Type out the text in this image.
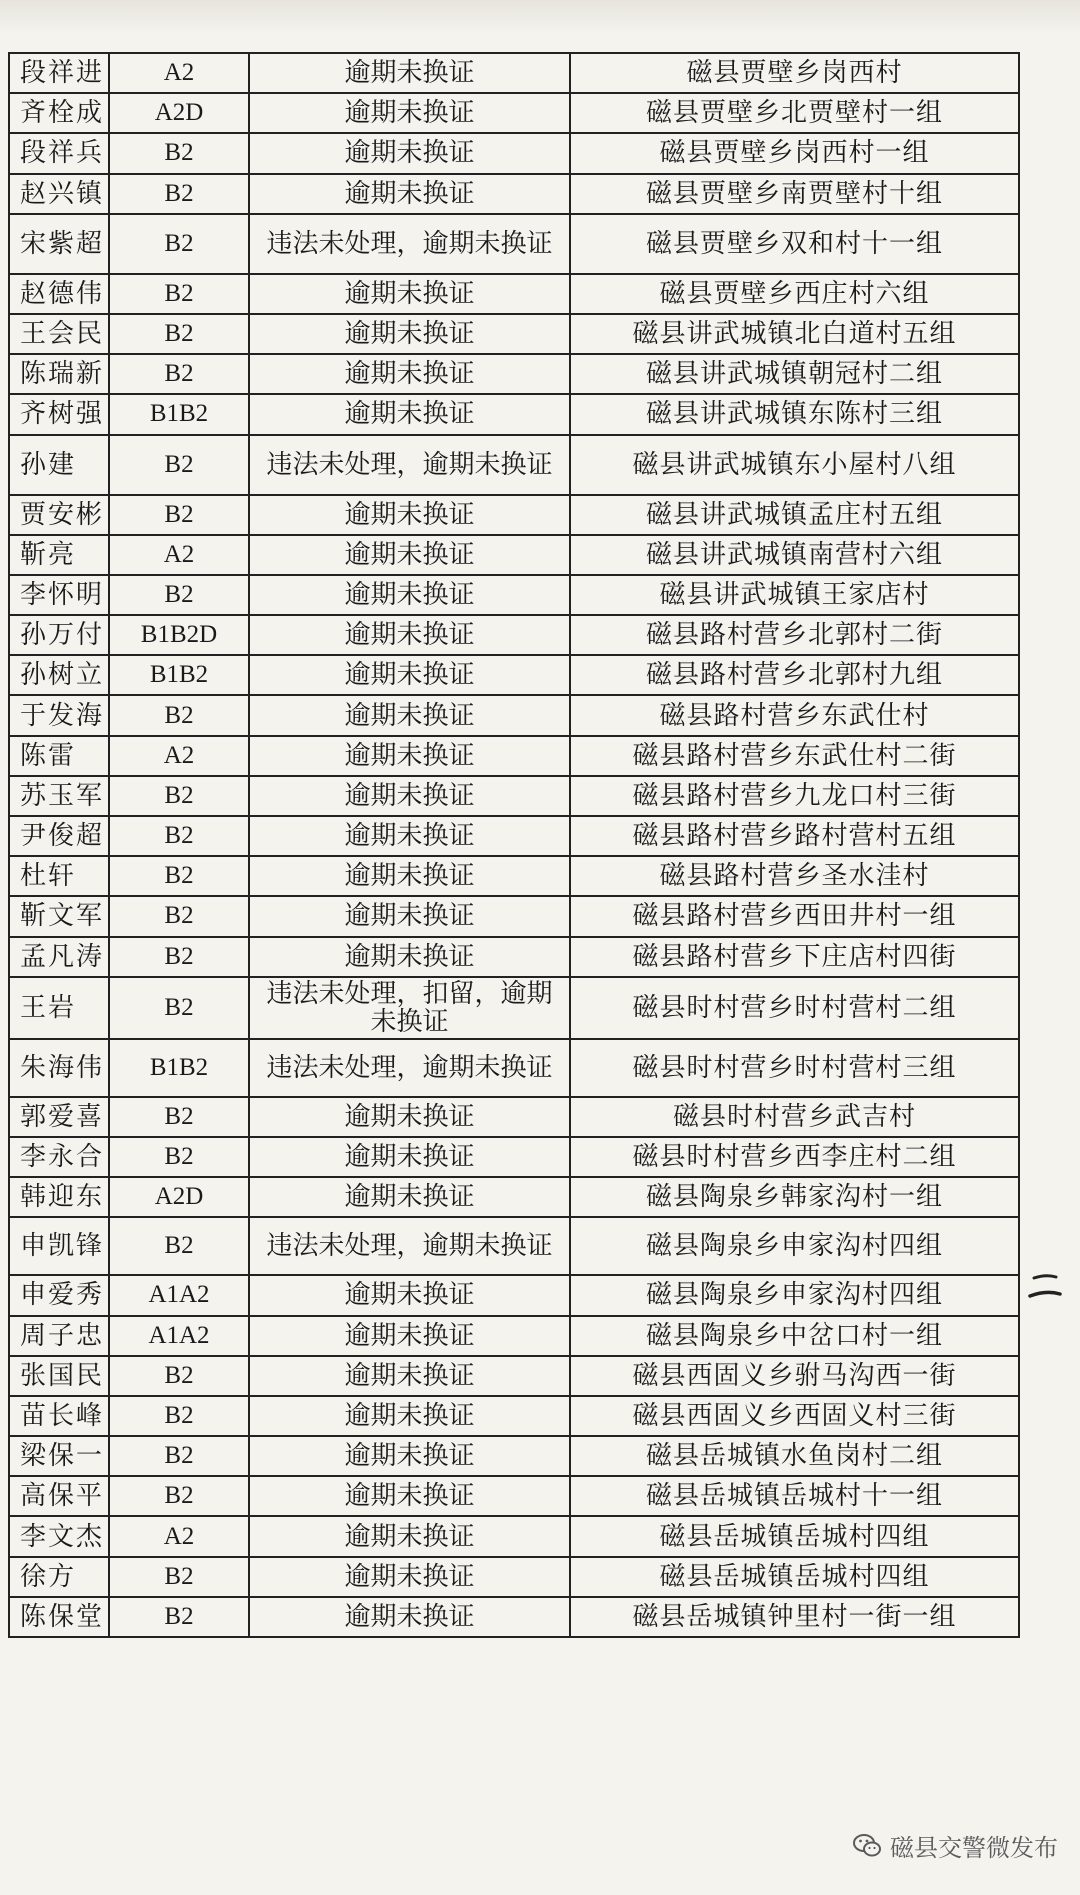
段祥进	A2	逾期未换证	磁县贾壁乡岗西村
斉栓成	A2D	逾期未换证	磁县贾壁乡北贾壁村一组
段祥兵	B2	逾期未换证	磁县贾壁乡岗西村一组
赵兴镇	B2	逾期未换证	磁县贾壁乡南贾壁村十组
宋紫超	B2	违法未处理，逾期未换证	磁县贾壁乡双和村十一组
赵德伟	B2	逾期未换证	磁县贾壁乡西庄村六组
王会民	B2	逾期未换证	磁县讲武城镇北白道村五组
陈瑞新	B2	逾期未换证	磁县讲武城镇朝冠村二组
齐树强	B1B2	逾期未换证	磁县讲武城镇东陈村三组
孙建	B2	违法未处理，逾期未换证	磁县讲武城镇东小屋村八组
贾安彬	B2	逾期未换证	磁县讲武城镇孟庄村五组
靳亮	A2	逾期未换证	磁县讲武城镇南营村六组
李怀明	B2	逾期未换证	磁县讲武城镇王家店村
孙万付	B1B2D	逾期未换证	磁县路村营乡北郭村二街
孙树立	B1B2	逾期未换证	磁县路村营乡北郭村九组
于发海	B2	逾期未换证	磁县路村营乡东武仕村
陈雷	A2	逾期未换证	磁县路村营乡东武仕村二街
苏玉军	B2	逾期未换证	磁县路村营乡九龙口村三街
尹俊超	B2	逾期未换证	磁县路村营乡路村营村五组
杜轩	B2	逾期未换证	磁县路村营乡圣水洼村
靳文军	B2	逾期未换证	磁县路村营乡西田井村一组
孟凡涛	B2	逾期未换证	磁县路村营乡下庄店村四街
王岩	B2	违法未处理，扣留，逾期未换证	磁县时村营乡时村营村二组
朱海伟	B1B2	违法未处理，逾期未换证	磁县时村营乡时村营村三组
郭爱喜	B2	逾期未换证	磁县时村营乡武吉村
李永合	B2	逾期未换证	磁县时村营乡西李庄村二组
韩迎东	A2D	逾期未换证	磁县陶泉乡韩家沟村一组
申凯锋	B2	违法未处理，逾期未换证	磁县陶泉乡申家沟村四组
申爱秀	A1A2	逾期未换证	磁县陶泉乡申家沟村四组
周子忠	A1A2	逾期未换证	磁县陶泉乡中岔口村一组
张国民	B2	逾期未换证	磁县西固义乡驸马沟西一街
苗长峰	B2	逾期未换证	磁县西固义乡西固义村三街
梁保一	B2	逾期未换证	磁县岳城镇水鱼岗村二组
高保平	B2	逾期未换证	磁县岳城镇岳城村十一组
李文杰	A2	逾期未换证	磁县岳城镇岳城村四组
徐方	B2	逾期未换证	磁县岳城镇岳城村四组
陈保堂	B2	逾期未换证	磁县岳城镇钟里村一街一组
磁县交警微发布
